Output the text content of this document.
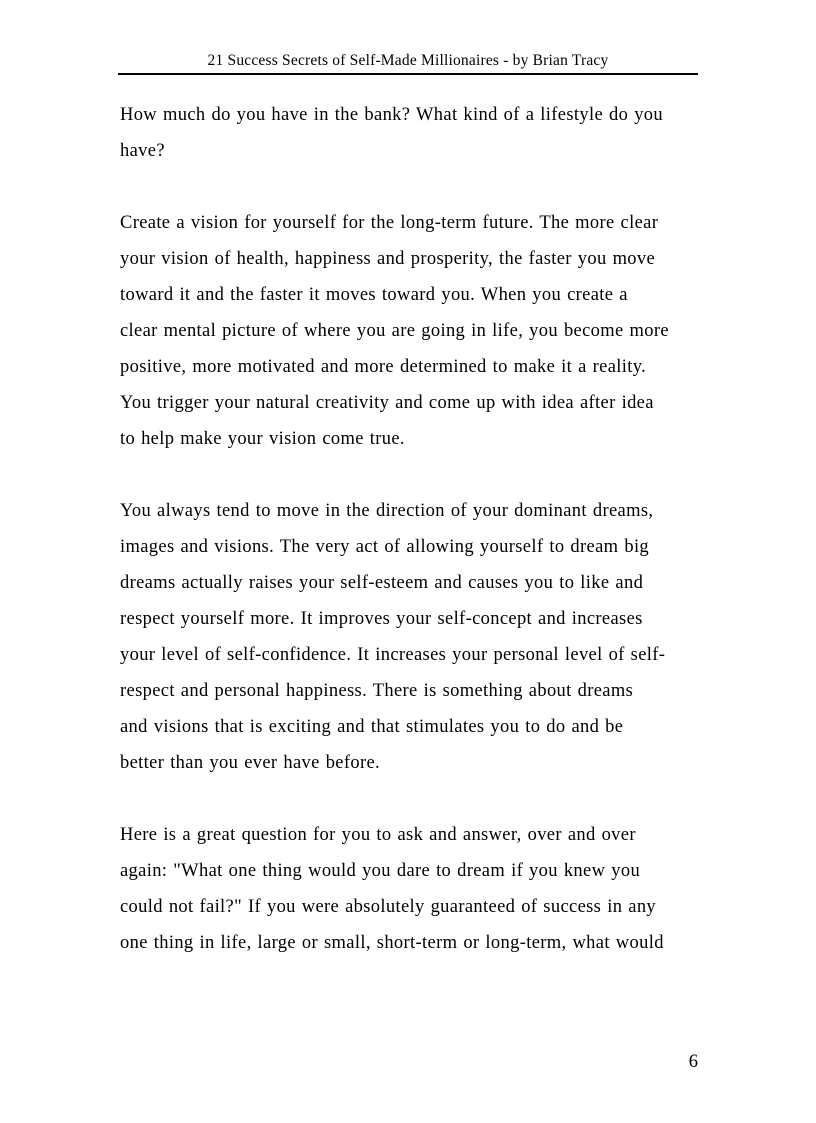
21 Success Secrets of Self-Made Millionaires - by Brian Tracy

How much do you have in the bank? What kind of a lifestyle do you
have?

Create a vision for yourself for the long-term future. The more clear
your vision of health, happiness and prosperity, the faster you move
toward it and the faster it moves toward you. When you create a
clear mental picture of where you are going in life, you become more
positive, more motivated and more determined to make it a reality.
You trigger your natural creativity and come up with idea after idea
to help make your vision come true.

You always tend to move in the direction of your dominant dreams,
images and visions. The very act of allowing yourself to dream big
dreams actually raises your self-esteem and causes you to like and
respect yourself more. It improves your self-concept and increases
your level of self-confidence. It increases your personal level of self-
respect and personal happiness. There is something about dreams
and visions that is exciting and that stimulates you to do and be
better than you ever have before.

Here is a great question for you to ask and answer, over and over
again: "What one thing would you dare to dream if you knew you
could not fail?" If you were absolutely guaranteed of success in any
one thing in life, large or small, short-term or long-term, what would

6
